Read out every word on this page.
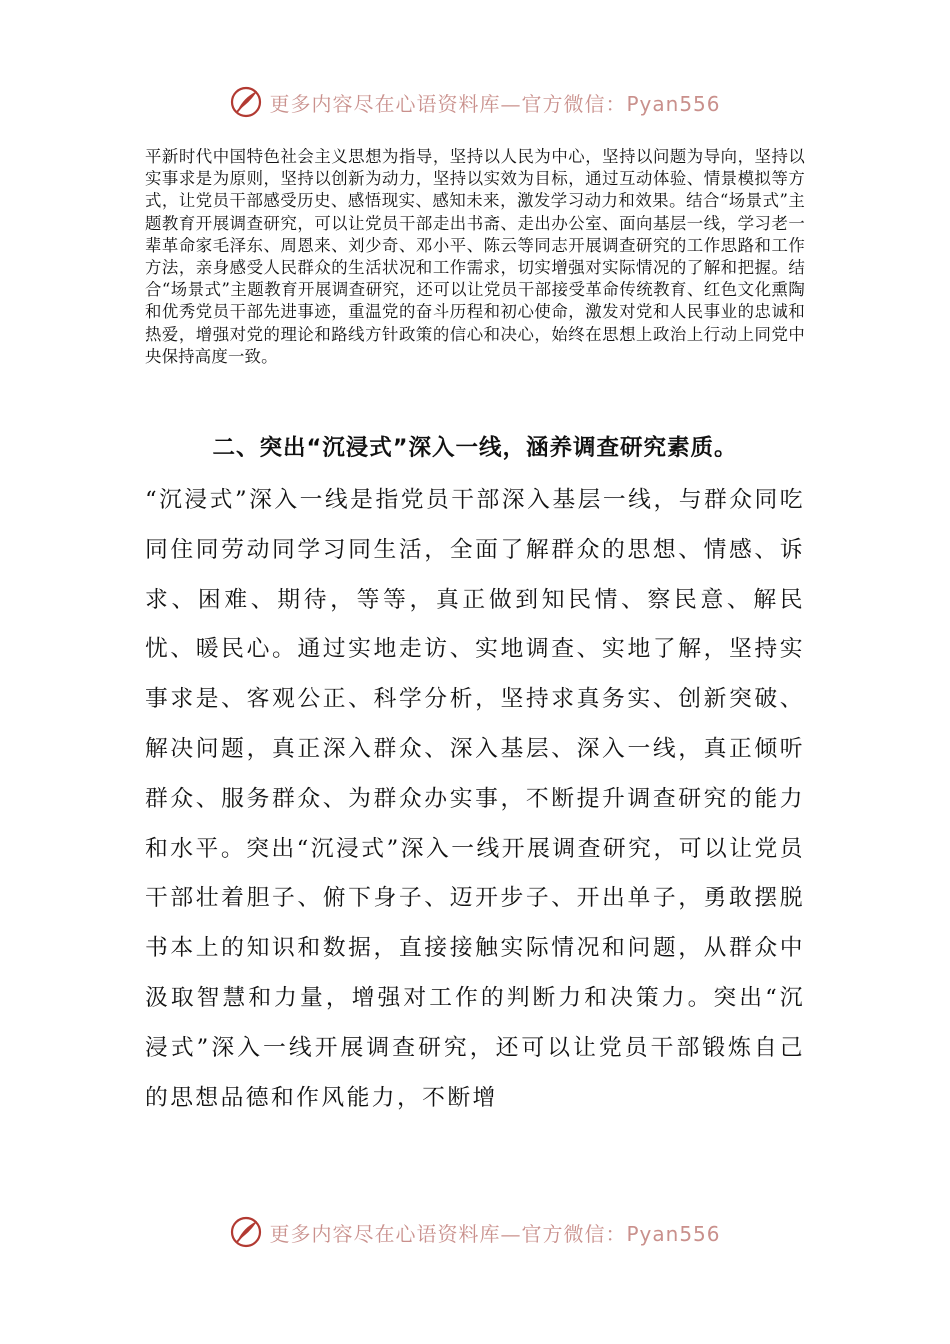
更多内容尽在心语资料库—官方微信：Pyan556
平新时代中国特色社会主义思想为指导，坚持以人民为中心，坚持以问题为导向，坚持以实事求是为原则，坚持以创新为动力，坚持以实效为目标，通过互动体验、情景模拟等方式，让党员干部感受历史、感悟现实、感知未来，激发学习动力和效果。结合“场景式”主题教育开展调查研究，可以让党员干部走出书斋、走出办公室、面向基层一线，学习老一辈革命家毛泽东、周恩来、刘少奇、邓小平、陈云等同志开展调查研究的工作思路和工作方法，亲身感受人民群众的生活状况和工作需求，切实增强对实际情况的了解和把握。结合“场景式”主题教育开展调查研究，还可以让党员干部接受革命传统教育、红色文化熏陶和优秀党员干部先进事迹，重温党的奋斗历程和初心使命，激发对党和人民事业的忠诚和热爱，增强对党的理论和路线方针政策的信心和决心，始终在思想上政治上行动上同党中央保持高度一致。
二、突出“沉浸式”深入一线，涵养调查研究素质。
“沉浸式”深入一线是指党员干部深入基层一线，与群众同吃同住同劳动同学习同生活，全面了解群众的思想、情感、诉求、困难、期待，等等，真正做到知民情、察民意、解民忧、暖民心。通过实地走访、实地调查、实地了解，坚持实事求是、客观公正、科学分析，坚持求真务实、创新突破、解决问题，真正深入群众、深入基层、深入一线，真正倾听群众、服务群众、为群众办实事，不断提升调查研究的能力和水平。突出“沉浸式”深入一线开展调查研究，可以让党员干部壮着胆子、俯下身子、迈开步子、开出单子，勇敢摆脱书本上的知识和数据，直接接触实际情况和问题，从群众中汲取智慧和力量，增强对工作的判断力和决策力。突出“沉浸式”深入一线开展调查研究，还可以让党员干部锻炼自己的思想品德和作风能力，不断增
更多内容尽在心语资料库—官方微信：Pyan556
